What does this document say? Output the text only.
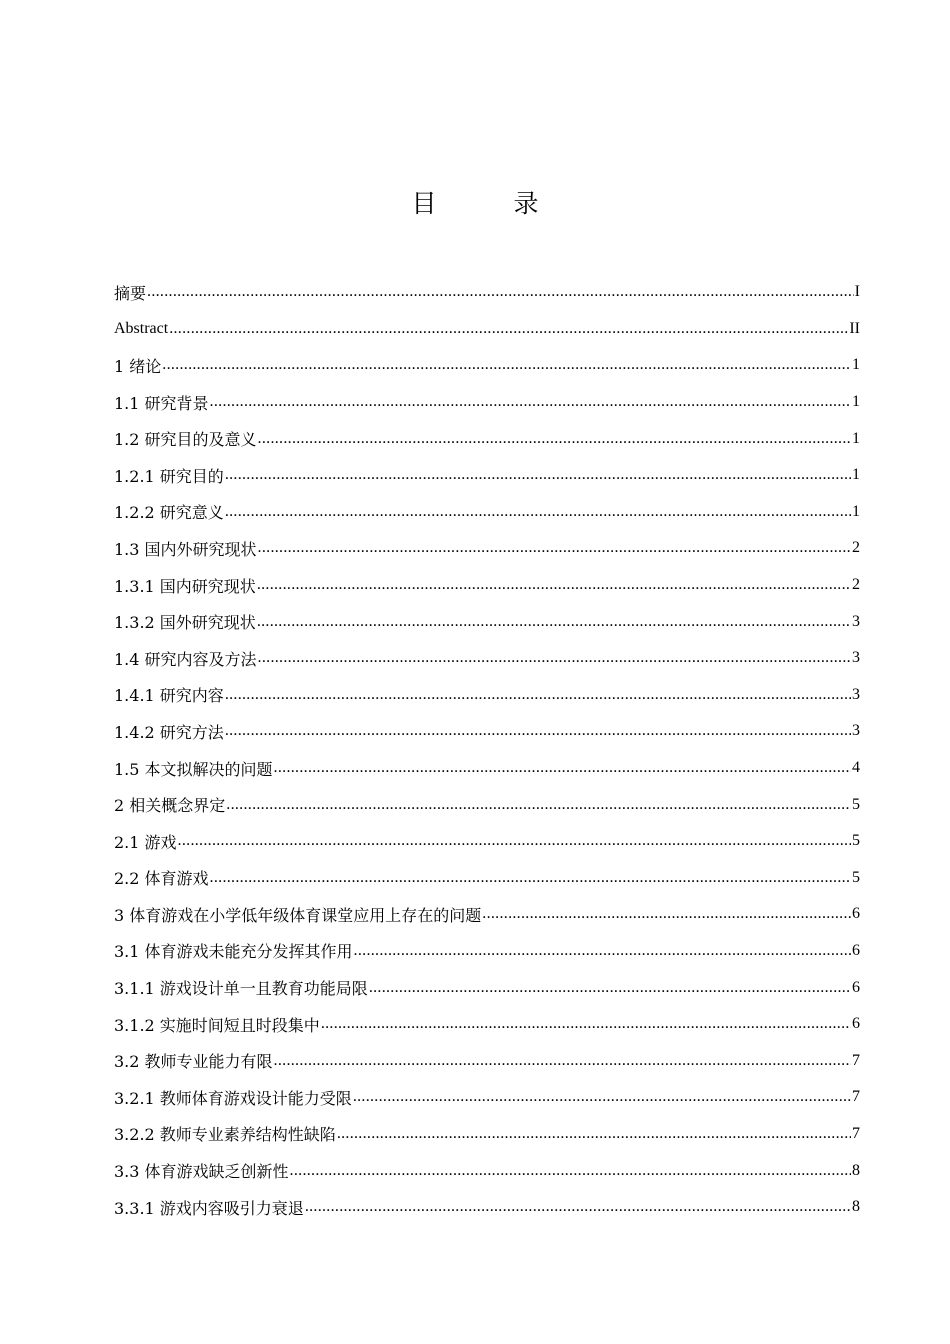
目　录
摘要 .....	I
Abstract .....	II
1 绪论 .....	1
1.1 研究背景 .....	1
1.2 研究目的及意义 .....	1
1.2.1 研究目的 .....	1
1.2.2 研究意义 .....	1
1.3 国内外研究现状 .....	2
1.3.1 国内研究现状 .....	2
1.3.2 国外研究现状 .....	3
1.4 研究内容及方法 .....	3
1.4.1 研究内容 .....	3
1.4.2 研究方法 .....	3
1.5 本文拟解决的问题 .....	4
2 相关概念界定 .....	5
2.1 游戏 .....	5
2.2 体育游戏 .....	5
3 体育游戏在小学低年级体育课堂应用上存在的问题 .....	6
3.1 体育游戏未能充分发挥其作用 .....	6
3.1.1 游戏设计单一且教育功能局限 .....	6
3.1.2 实施时间短且时段集中 .....	6
3.2 教师专业能力有限 .....	7
3.2.1 教师体育游戏设计能力受限 .....	7
3.2.2 教师专业素养结构性缺陷 .....	7
3.3 体育游戏缺乏创新性 .....	8
3.3.1 游戏内容吸引力衰退 .....	8
